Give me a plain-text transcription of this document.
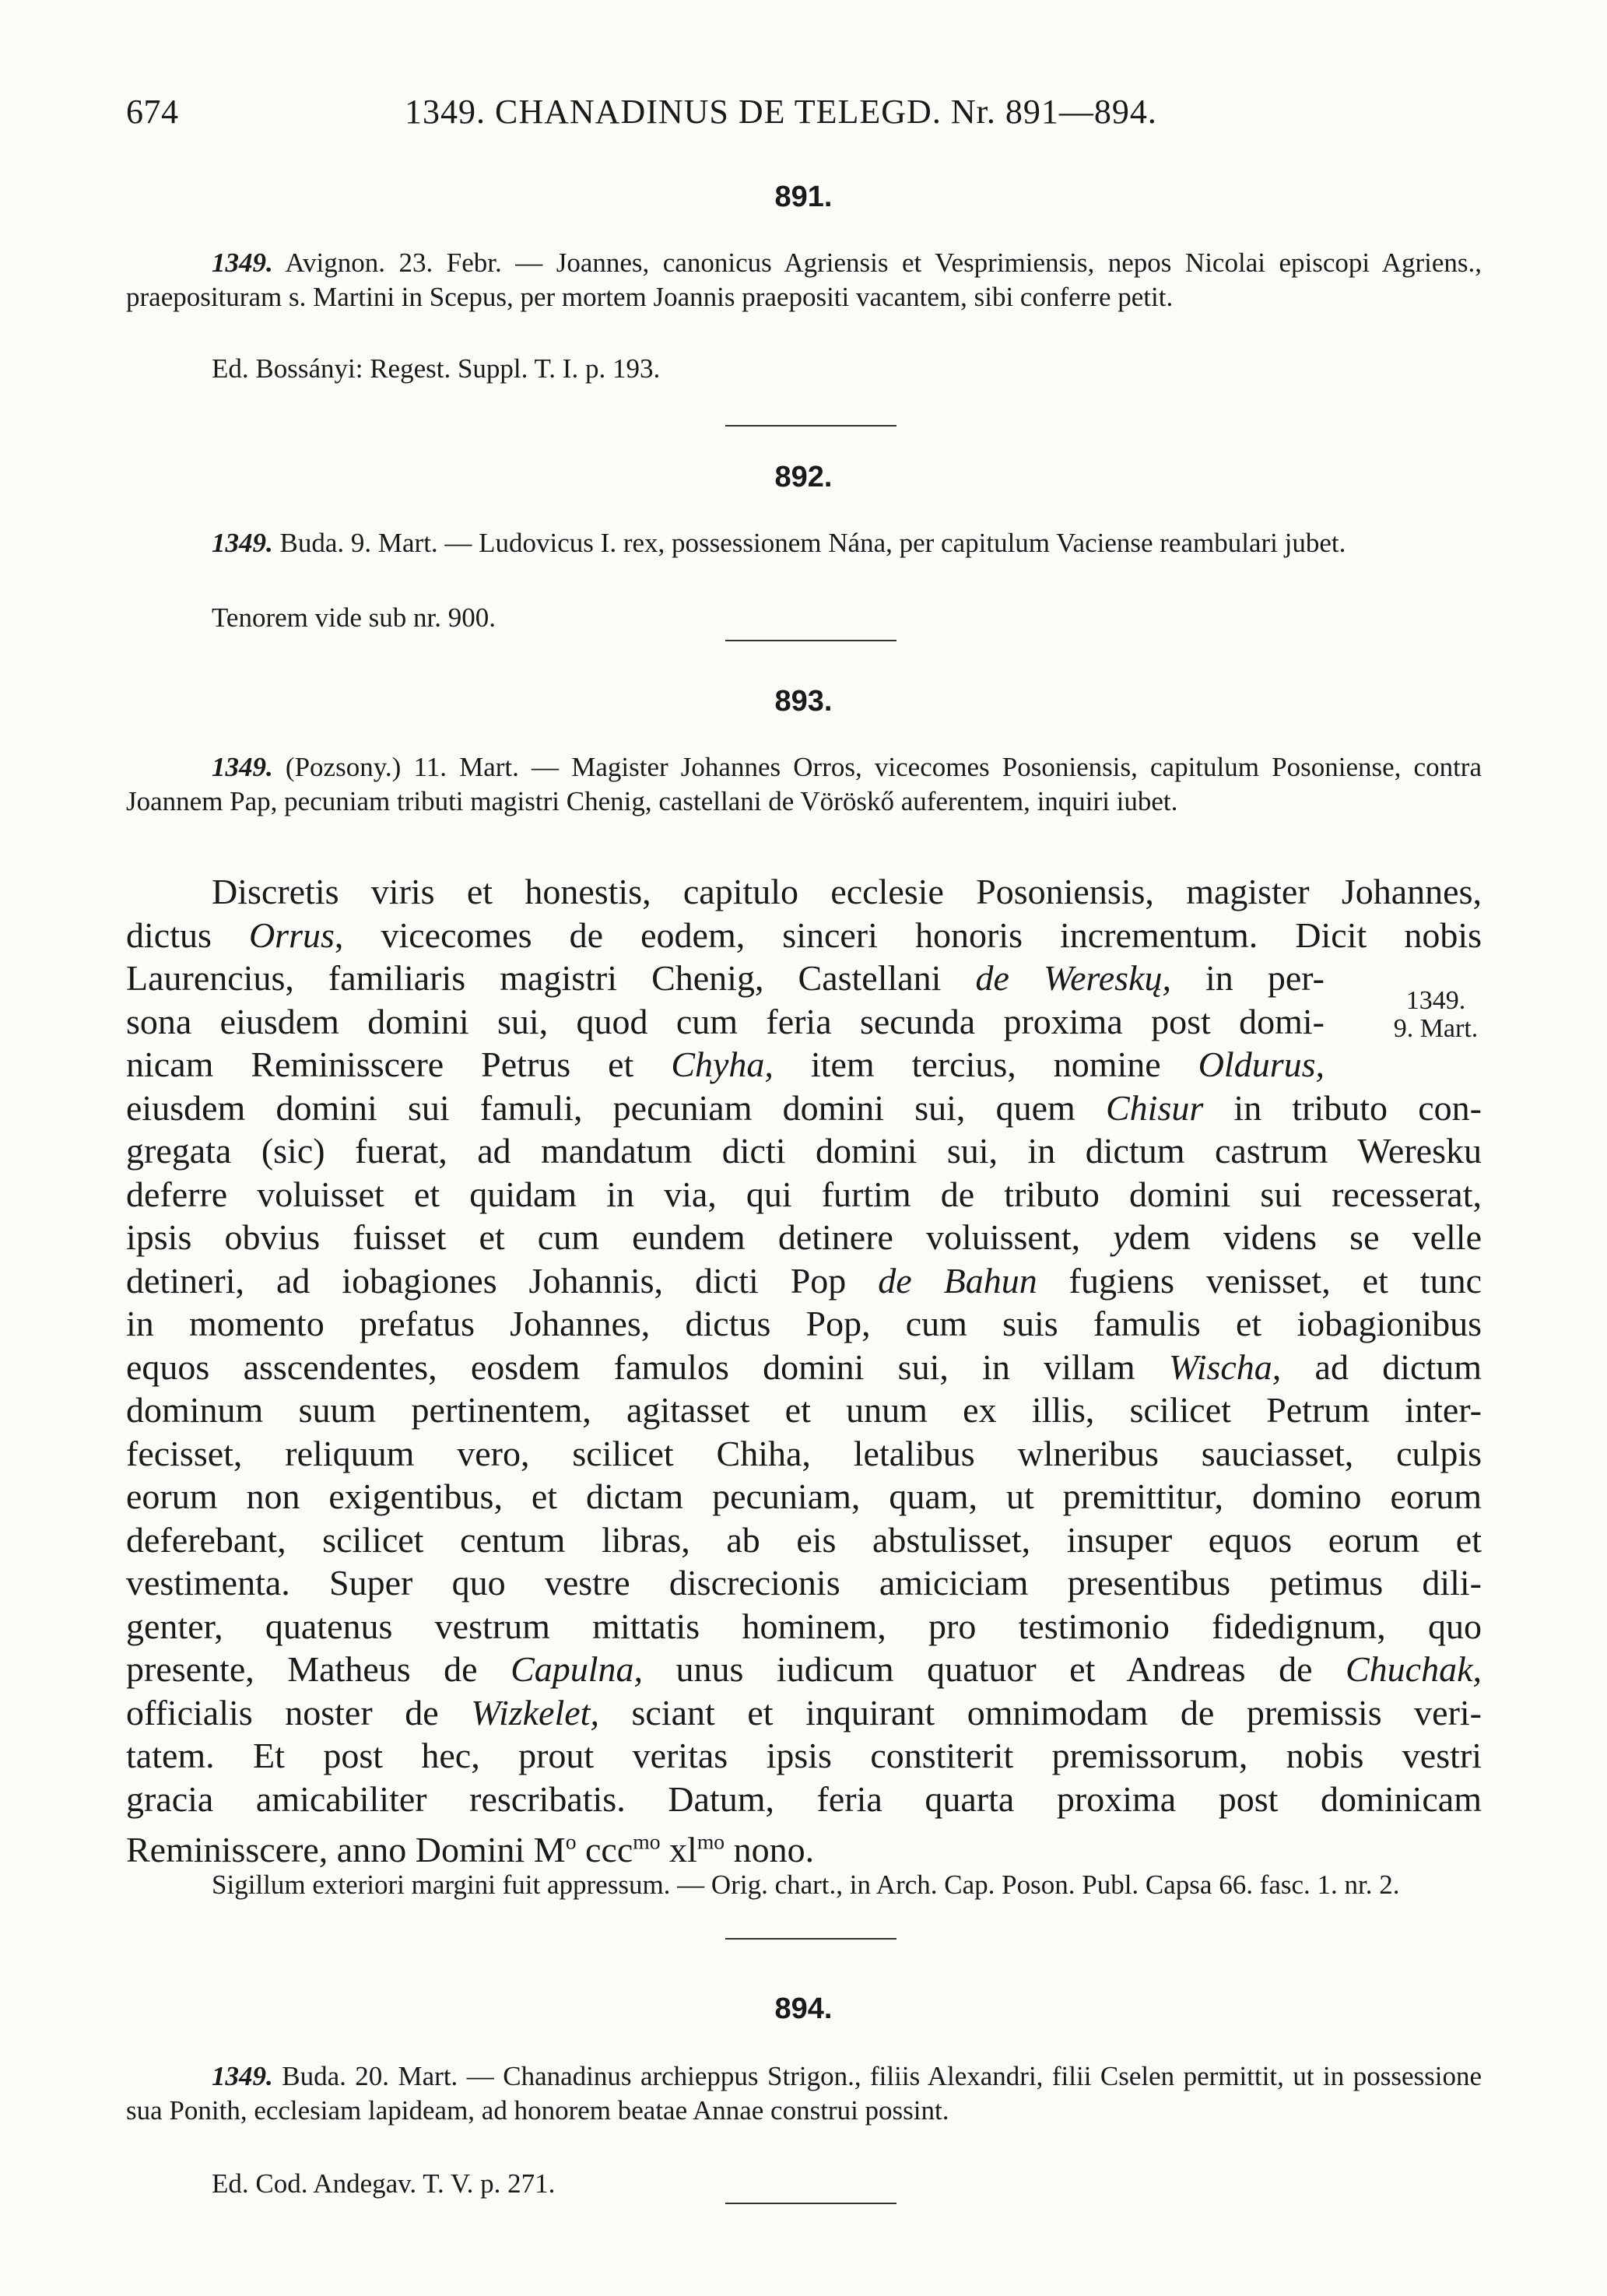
674	1349. CHANADINUS DE TELEGD. Nr. 891—894.
891.
1349. Avignon. 23. Febr. — Joannes, canonicus Agriensis et Vesprimiensis, nepos Nicolai episcopi Agriens., praeposituram s. Martini in Scepus, per mortem Joannis praepositi vacantem, sibi conferre petit.
Ed. Bossányi: Regest. Suppl. T. I. p. 193.
892.
1349. Buda. 9. Mart. — Ludovicus I. rex, possessionem Nána, per capitulum Vaciense reambulari jubet.
Tenorem vide sub nr. 900.
893.
1349. (Pozsony.) 11. Mart. — Magister Johannes Orros, vicecomes Posoniensis, capitulum Posoniense, contra Joannem Pap, pecuniam tributi magistri Chenig, castellani de Vöröskő auferentem, inquiri iubet.
Discretis viris et honestis, capitulo ecclesie Posoniensis, magister Johannes,
dictus Orrus, vicecomes de eodem, sinceri honoris incrementum. Dicit nobis
Laurencius, familiaris magistri Chenig, Castellani de Wereskų, in per-
sona eiusdem domini sui, quod cum feria secunda proxima post domi-
nicam Reminisscere Petrus et Chyha, item tercius, nomine Oldurus,
eiusdem domini sui famuli, pecuniam domini sui, quem Chisur in tributo con-
gregata (sic) fuerat, ad mandatum dicti domini sui, in dictum castrum Weresku
deferre voluisset et quidam in via, qui furtim de tributo domini sui recesserat,
ipsis obvius fuisset et cum eundem detinere voluissent, ydem videns se velle
detineri, ad iobagiones Johannis, dicti Pop de Bahun fugiens venisset, et tunc
in momento prefatus Johannes, dictus Pop, cum suis famulis et iobagionibus
equos asscendentes, eosdem famulos domini sui, in villam Wischa, ad dictum
dominum suum pertinentem, agitasset et unum ex illis, scilicet Petrum inter-
fecisset, reliquum vero, scilicet Chiha, letalibus wlneribus sauciasset, culpis
eorum non exigentibus, et dictam pecuniam, quam, ut premittitur, domino eorum
deferebant, scilicet centum libras, ab eis abstulisset, insuper equos eorum et
vestimenta. Super quo vestre discrecionis amiciciam presentibus petimus dili-
genter, quatenus vestrum mittatis hominem, pro testimonio fidedignum, quo
presente, Matheus de Capulna, unus iudicum quatuor et Andreas de Chuchak,
officialis noster de Wizkelet, sciant et inquirant omnimodam de premissis veri-
tatem. Et post hec, prout veritas ipsis constiterit premissorum, nobis vestri
gracia amicabiliter rescribatis. Datum, feria quarta proxima post dominicam
Reminisscere, anno Domini $M^o$ ccc$^{mo}$ $xl^{mo}$ nono.
1349.
9. Mart.
Sigillum exteriori margini fuit appressum. — Orig. chart., in Arch. Cap. Poson. Publ. Capsa 66. fasc. 1. nr. 2.
894.
1349. Buda. 20. Mart. — Chanadinus archieppus Strigon., filiis Alexandri, filii Cselen permittit, ut in possessione sua Ponith, ecclesiam lapideam, ad honorem beatae Annae construi possint.
Ed. Cod. Andegav. T. V. p. 271.
